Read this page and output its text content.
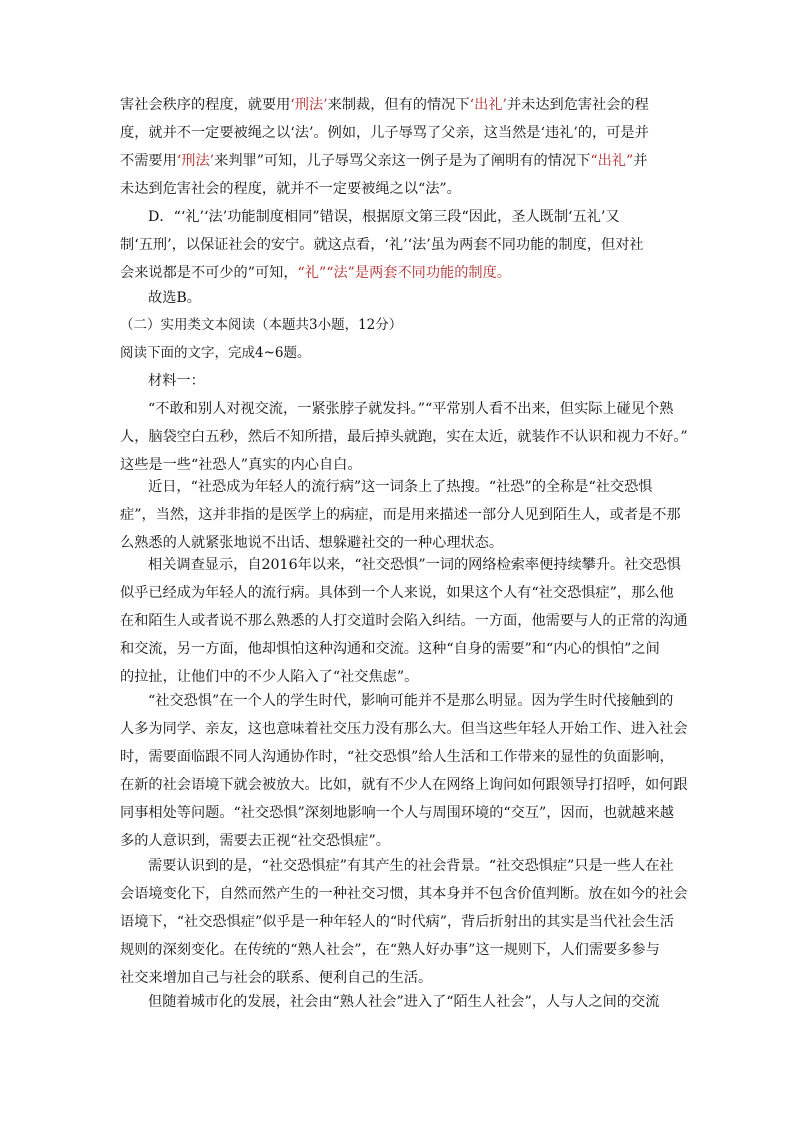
害社会秩序的程度，就要用‘刑法’来制裁，但有的情况下‘出礼’并未达到危害社会的程
度，就并不一定要被绳之以‘法’。例如，儿子辱骂了父亲，这当然是‘违礼’的，可是并
不需要用‘刑法’来判罪”可知，儿子辱骂父亲这一例子是为了阐明有的情况下“出礼”并
未达到危害社会的程度，就并不一定要被绳之以“法”。
D．“‘礼’‘法’功能制度相同”错误，根据原文第三段“因此，圣人既制‘五礼’又
制‘五刑’，以保证社会的安宁。就这点看，‘礼’‘法’虽为两套不同功能的制度，但对社
会来说都是不可少的”可知，“礼”“法”是两套不同功能的制度。
故选B。
（二）实用类文本阅读（本题共3小题，12分）
阅读下面的文字，完成4~6题。
材料一：
“不敢和别人对视交流，一紧张脖子就发抖。”“平常别人看不出来，但实际上碰见个熟
人，脑袋空白五秒，然后不知所措，最后掉头就跑，实在太近，就装作不认识和视力不好。”
这些是一些“社恐人”真实的内心自白。
近日，“社恐成为年轻人的流行病”这一词条上了热搜。“社恐”的全称是“社交恐惧
症”，当然，这并非指的是医学上的病症，而是用来描述一部分人见到陌生人，或者是不那
么熟悉的人就紧张地说不出话、想躲避社交的一种心理状态。
相关调查显示，自2016年以来，“社交恐惧”一词的网络检索率便持续攀升。社交恐惧
似乎已经成为年轻人的流行病。具体到一个人来说，如果这个人有“社交恐惧症”，那么他
在和陌生人或者说不那么熟悉的人打交道时会陷入纠结。一方面，他需要与人的正常的沟通
和交流，另一方面，他却惧怕这种沟通和交流。这种“自身的需要”和“内心的惧怕”之间
的拉扯，让他们中的不少人陷入了“社交焦虑”。
“社交恐惧”在一个人的学生时代，影响可能并不是那么明显。因为学生时代接触到的
人多为同学、亲友，这也意味着社交压力没有那么大。但当这些年轻人开始工作、进入社会
时，需要面临跟不同人沟通协作时，“社交恐惧”给人生活和工作带来的显性的负面影响，
在新的社会语境下就会被放大。比如，就有不少人在网络上询问如何跟领导打招呼，如何跟
同事相处等问题。“社交恐惧”深刻地影响一个人与周围环境的“交互”，因而，也就越来越
多的人意识到，需要去正视“社交恐惧症”。
需要认识到的是，“社交恐惧症”有其产生的社会背景。“社交恐惧症”只是一些人在社
会语境变化下，自然而然产生的一种社交习惯，其本身并不包含价值判断。放在如今的社会
语境下，“社交恐惧症”似乎是一种年轻人的“时代病”，背后折射出的其实是当代社会生活
规则的深刻变化。在传统的“熟人社会”，在“熟人好办事”这一规则下，人们需要多参与
社交来增加自己与社会的联系、便利自己的生活。
但随着城市化的发展，社会由“熟人社会”进入了“陌生人社会”，人与人之间的交流
